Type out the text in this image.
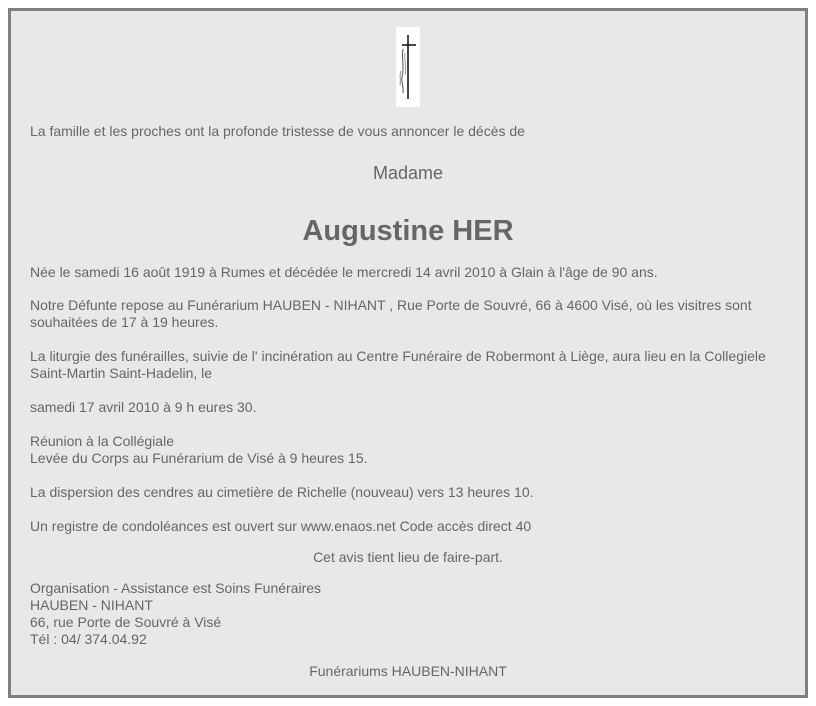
La famille et les proches ont la profonde tristesse de vous annoncer le décès de

Madame

Augustine HER

Née le samedi 16 août 1919 à Rumes et décédée le mercredi 14 avril 2010 à Glain à l'âge de 90 ans.

Notre Défunte repose au Funérarium HAUBEN - NIHANT , Rue Porte de Souvré, 66 à 4600 Visé, où les visitres sont

souhaitées de 17 à 19 heures.

La liturgie des funérailles, suivie de l' incinération au Centre Funéraire de Robermont à Liège, aura lieu en la Collegiele

Saint-Martin Saint-Hadelin, le

samedi 17 avril 2010 à 9 h eures 30.

Réunion à la Collégiale

Levée du Corps au Funérarium de Visé à 9 heures 15.

La dispersion des cendres au cimetière de Richelle (nouveau) vers 13 heures 10.

Un registre de condoléances est ouvert sur www.enaos.net Code accès direct 40

Cet avis tient lieu de faire-part.

Organisation - Assistance est Soins Funéraires

HAUBEN - NIHANT

66, rue Porte de Souvré à Visé

Tél : 04/ 374.04.92

Funérariums HAUBEN-NIHANT
